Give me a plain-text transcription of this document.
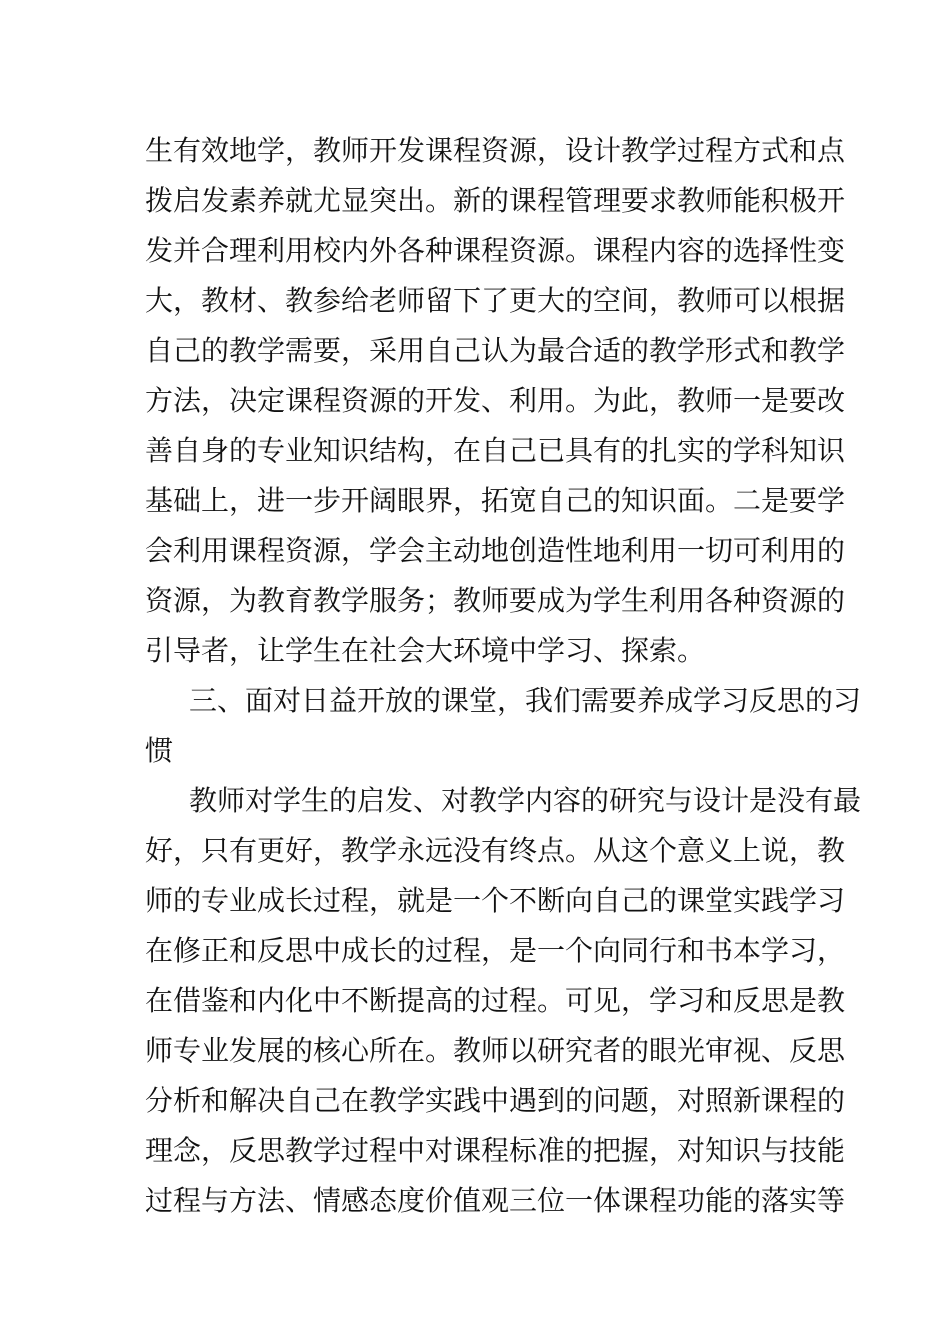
生有效地学，教师开发课程资源，设计教学过程方式和点
拨启发素养就尤显突出。新的课程管理要求教师能积极开
发并合理利用校内外各种课程资源。课程内容的选择性变
大，教材、教参给老师留下了更大的空间，教师可以根据
自己的教学需要，采用自己认为最合适的教学形式和教学
方法，决定课程资源的开发、利用。为此，教师一是要改
善自身的专业知识结构，在自己已具有的扎实的学科知识
基础上，进一步开阔眼界，拓宽自己的知识面。二是要学
会利用课程资源，学会主动地创造性地利用一切可利用的
资源，为教育教学服务；教师要成为学生利用各种资源的
引导者，让学生在社会大环境中学习、探索。
三、面对日益开放的课堂，我们需要养成学习反思的习
惯
教师对学生的启发、对教学内容的研究与设计是没有最
好，只有更好，教学永远没有终点。从这个意义上说，教
师的专业成长过程，就是一个不断向自己的课堂实践学习
在修正和反思中成长的过程，是一个向同行和书本学习，
在借鉴和内化中不断提高的过程。可见，学习和反思是教
师专业发展的核心所在。教师以研究者的眼光审视、反思
分析和解决自己在教学实践中遇到的问题，对照新课程的
理念，反思教学过程中对课程标准的把握，对知识与技能
过程与方法、情感态度价值观三位一体课程功能的落实等
